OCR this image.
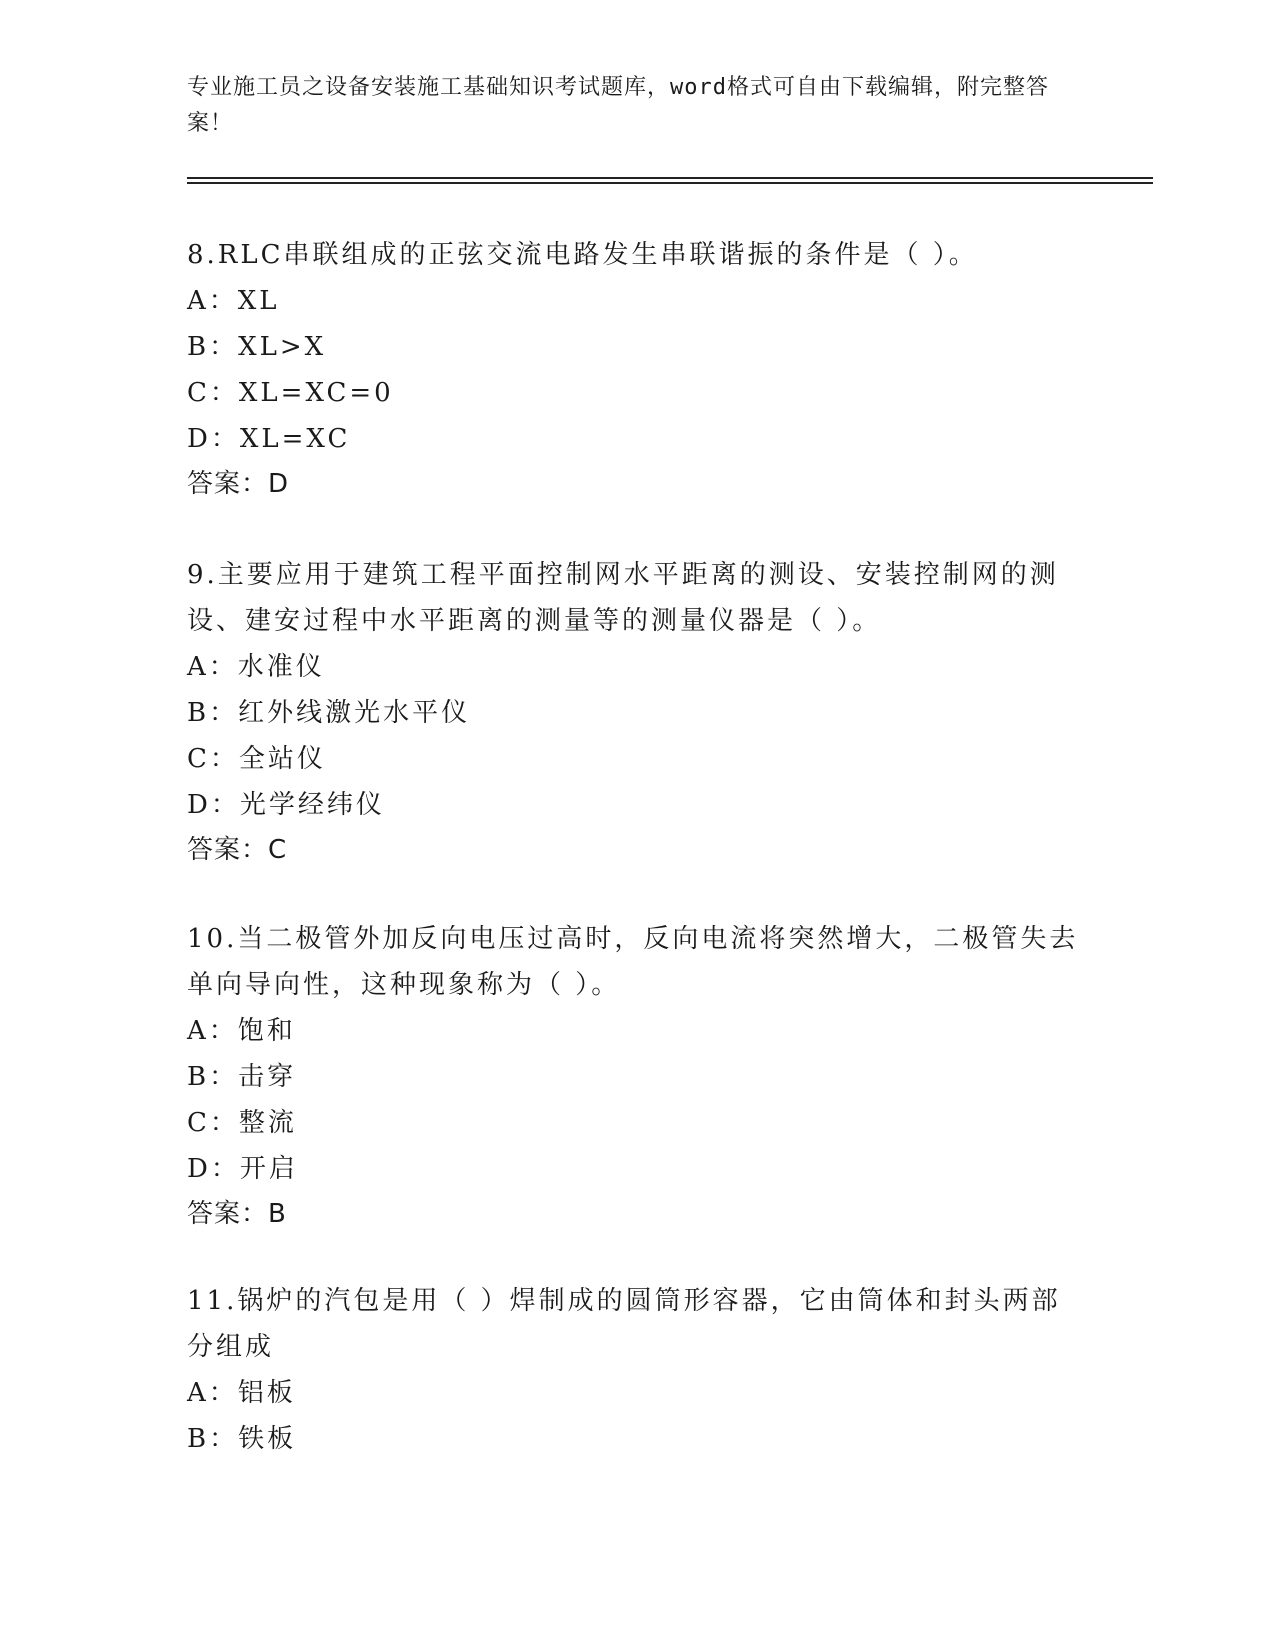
专业施工员之设备安装施工基础知识考试题库，word格式可自由下载编辑，附完整答案！

8.RLC串联组成的正弦交流电路发生串联谐振的条件是（ ）。

A：XL

B：XL>X

C：XL=XC=0

D：XL=XC

答案：D

9.主要应用于建筑工程平面控制网水平距离的测设、安装控制网的测设、建安过程中水平距离的测量等的测量仪器是（ ）。

A：水准仪

B：红外线激光水平仪

C：全站仪

D：光学经纬仪

答案：C

10.当二极管外加反向电压过高时，反向电流将突然增大，二极管失去单向导向性，这种现象称为（ ）。

A：饱和

B：击穿

C：整流

D：开启

答案：B

11.锅炉的汽包是用（ ）焊制成的圆筒形容器，它由筒体和封头两部分组成

A：铝板

B：铁板
